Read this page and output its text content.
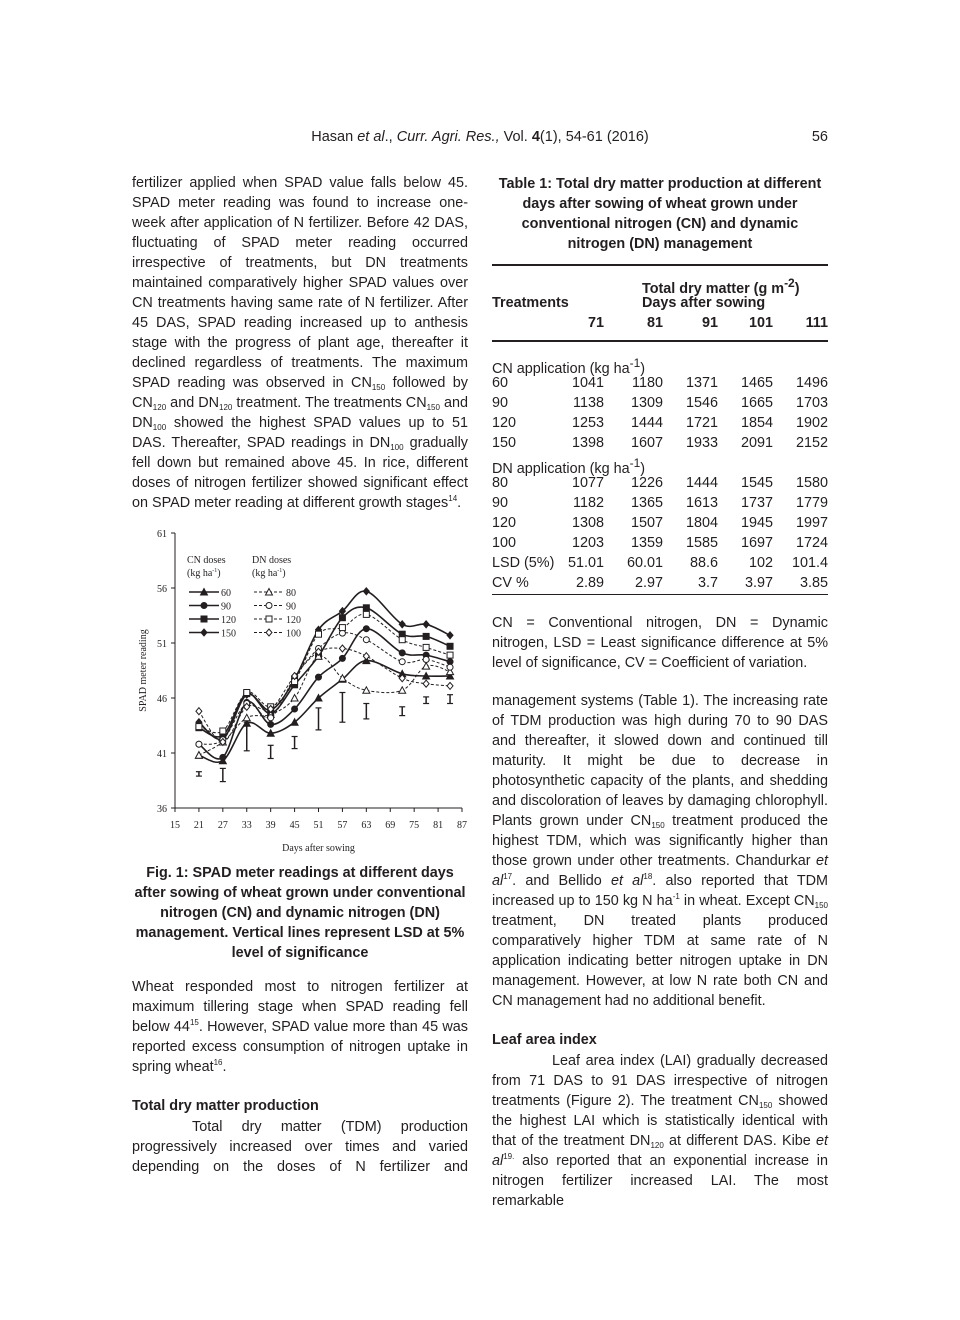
Hasan et al., Curr. Agri. Res., Vol. 4(1), 54-61 (2016)	56
fertilizer applied when SPAD value falls below 45. SPAD meter reading was found to increase one-week after application of N fertilizer. Before 42 DAS, fluctuating of SPAD meter reading occurred irrespective of treatments, but DN treatments maintained comparatively higher SPAD values over CN treatments having same rate of N fertilizer. After 45 DAS, SPAD reading increased up to anthesis stage with the progress of plant age, thereafter it declined regardless of treatments. The maximum SPAD reading was observed in $CN_{150}$ followed by $CN_{120}$ and $DN_{120}$ treatment. The treatments $CN_{150}$ and $DN_{100}$ showed the highest SPAD values up to 51 DAS. Thereafter, SPAD readings in $DN_{100}$ gradually fell down but remained above 45. In rice, different doses of nitrogen fertilizer showed significant effect on SPAD meter reading at different growth stages$^{14}$.
36
41
46
51
56
61
15 21 27 33 39 45 51 57 63 69 75 81 87
Days after sowing
SPAD meter reading
CN doses
(kg $ha^{-1}$)
DN doses
(kg $ha^{-1}$)
60
90
120
150
80
90
120
100
Fig. 1: SPAD meter readings at different days after sowing of wheat grown under conventional nitrogen (CN) and dynamic nitrogen (DN) management. Vertical lines represent LSD at 5% level of significance
Wheat responded most to nitrogen fertilizer at maximum tillering stage when SPAD reading fell below $44^{15}$. However, SPAD value more than 45 was reported excess consumption of nitrogen uptake in spring wheat$^{16}$.
Total dry matter production
Total dry matter (TDM) production progressively increased over times and varied depending on the doses of N fertilizer and
Table 1: Total dry matter production at different days after sowing of wheat grown under conventional nitrogen (CN) and dynamic nitrogen (DN) management
Total dry matter (g $m^{-2}$)
Treatments	Days after sowing
71	81	91	101	111
CN application (kg $ha^{-1}$)
60	1041	1180	1371	1465	1496
90	1138	1309	1546	1665	1703
120	1253	1444	1721	1854	1902
150	1398	1607	1933	2091	2152
DN application (kg $ha^{-1}$)
80	1077	1226	1444	1545	1580
90	1182	1365	1613	1737	1779
120	1308	1507	1804	1945	1997
100	1203	1359	1585	1697	1724
LSD (5%) 51.01	60.01	88.6	102	101.4
CV %	2.89	2.97	3.7	3.97	3.85
CN = Conventional nitrogen, DN = Dynamic nitrogen, LSD = Least significance difference at 5% level of significance, CV = Coefficient of variation.
management systems (Table 1). The increasing rate of TDM production was high during 70 to 90 DAS and thereafter, it slowed down and continued till maturity. It might be due to decrease in photosynthetic capacity of the plants, and shedding and discoloration of leaves by damaging chlorophyll. Plants grown under $CN_{150}$ treatment produced the highest TDM, which was significantly higher than those grown under other treatments. Chandurkar et $al^{17}$. and Bellido et $al^{18}$. also reported that TDM increased up to 150 kg N $ha^{-1}$ in wheat. Except $CN_{150}$ treatment, DN treated plants produced comparatively higher TDM at same rate of N application indicating better nitrogen uptake in DN management. However, at low N rate both CN and CN management had no additional benefit.
Leaf area index
Leaf area index (LAI) gradually decreased from 71 DAS to 91 DAS irrespective of nitrogen treatments (Figure 2). The treatment $CN_{150}$ showed the highest LAI which is statistically identical with that of the treatment $DN_{120}$ at different DAS. Kibe et $al^{19.}$ also reported that an exponential increase in nitrogen fertilizer increased LAI. The most remarkable
